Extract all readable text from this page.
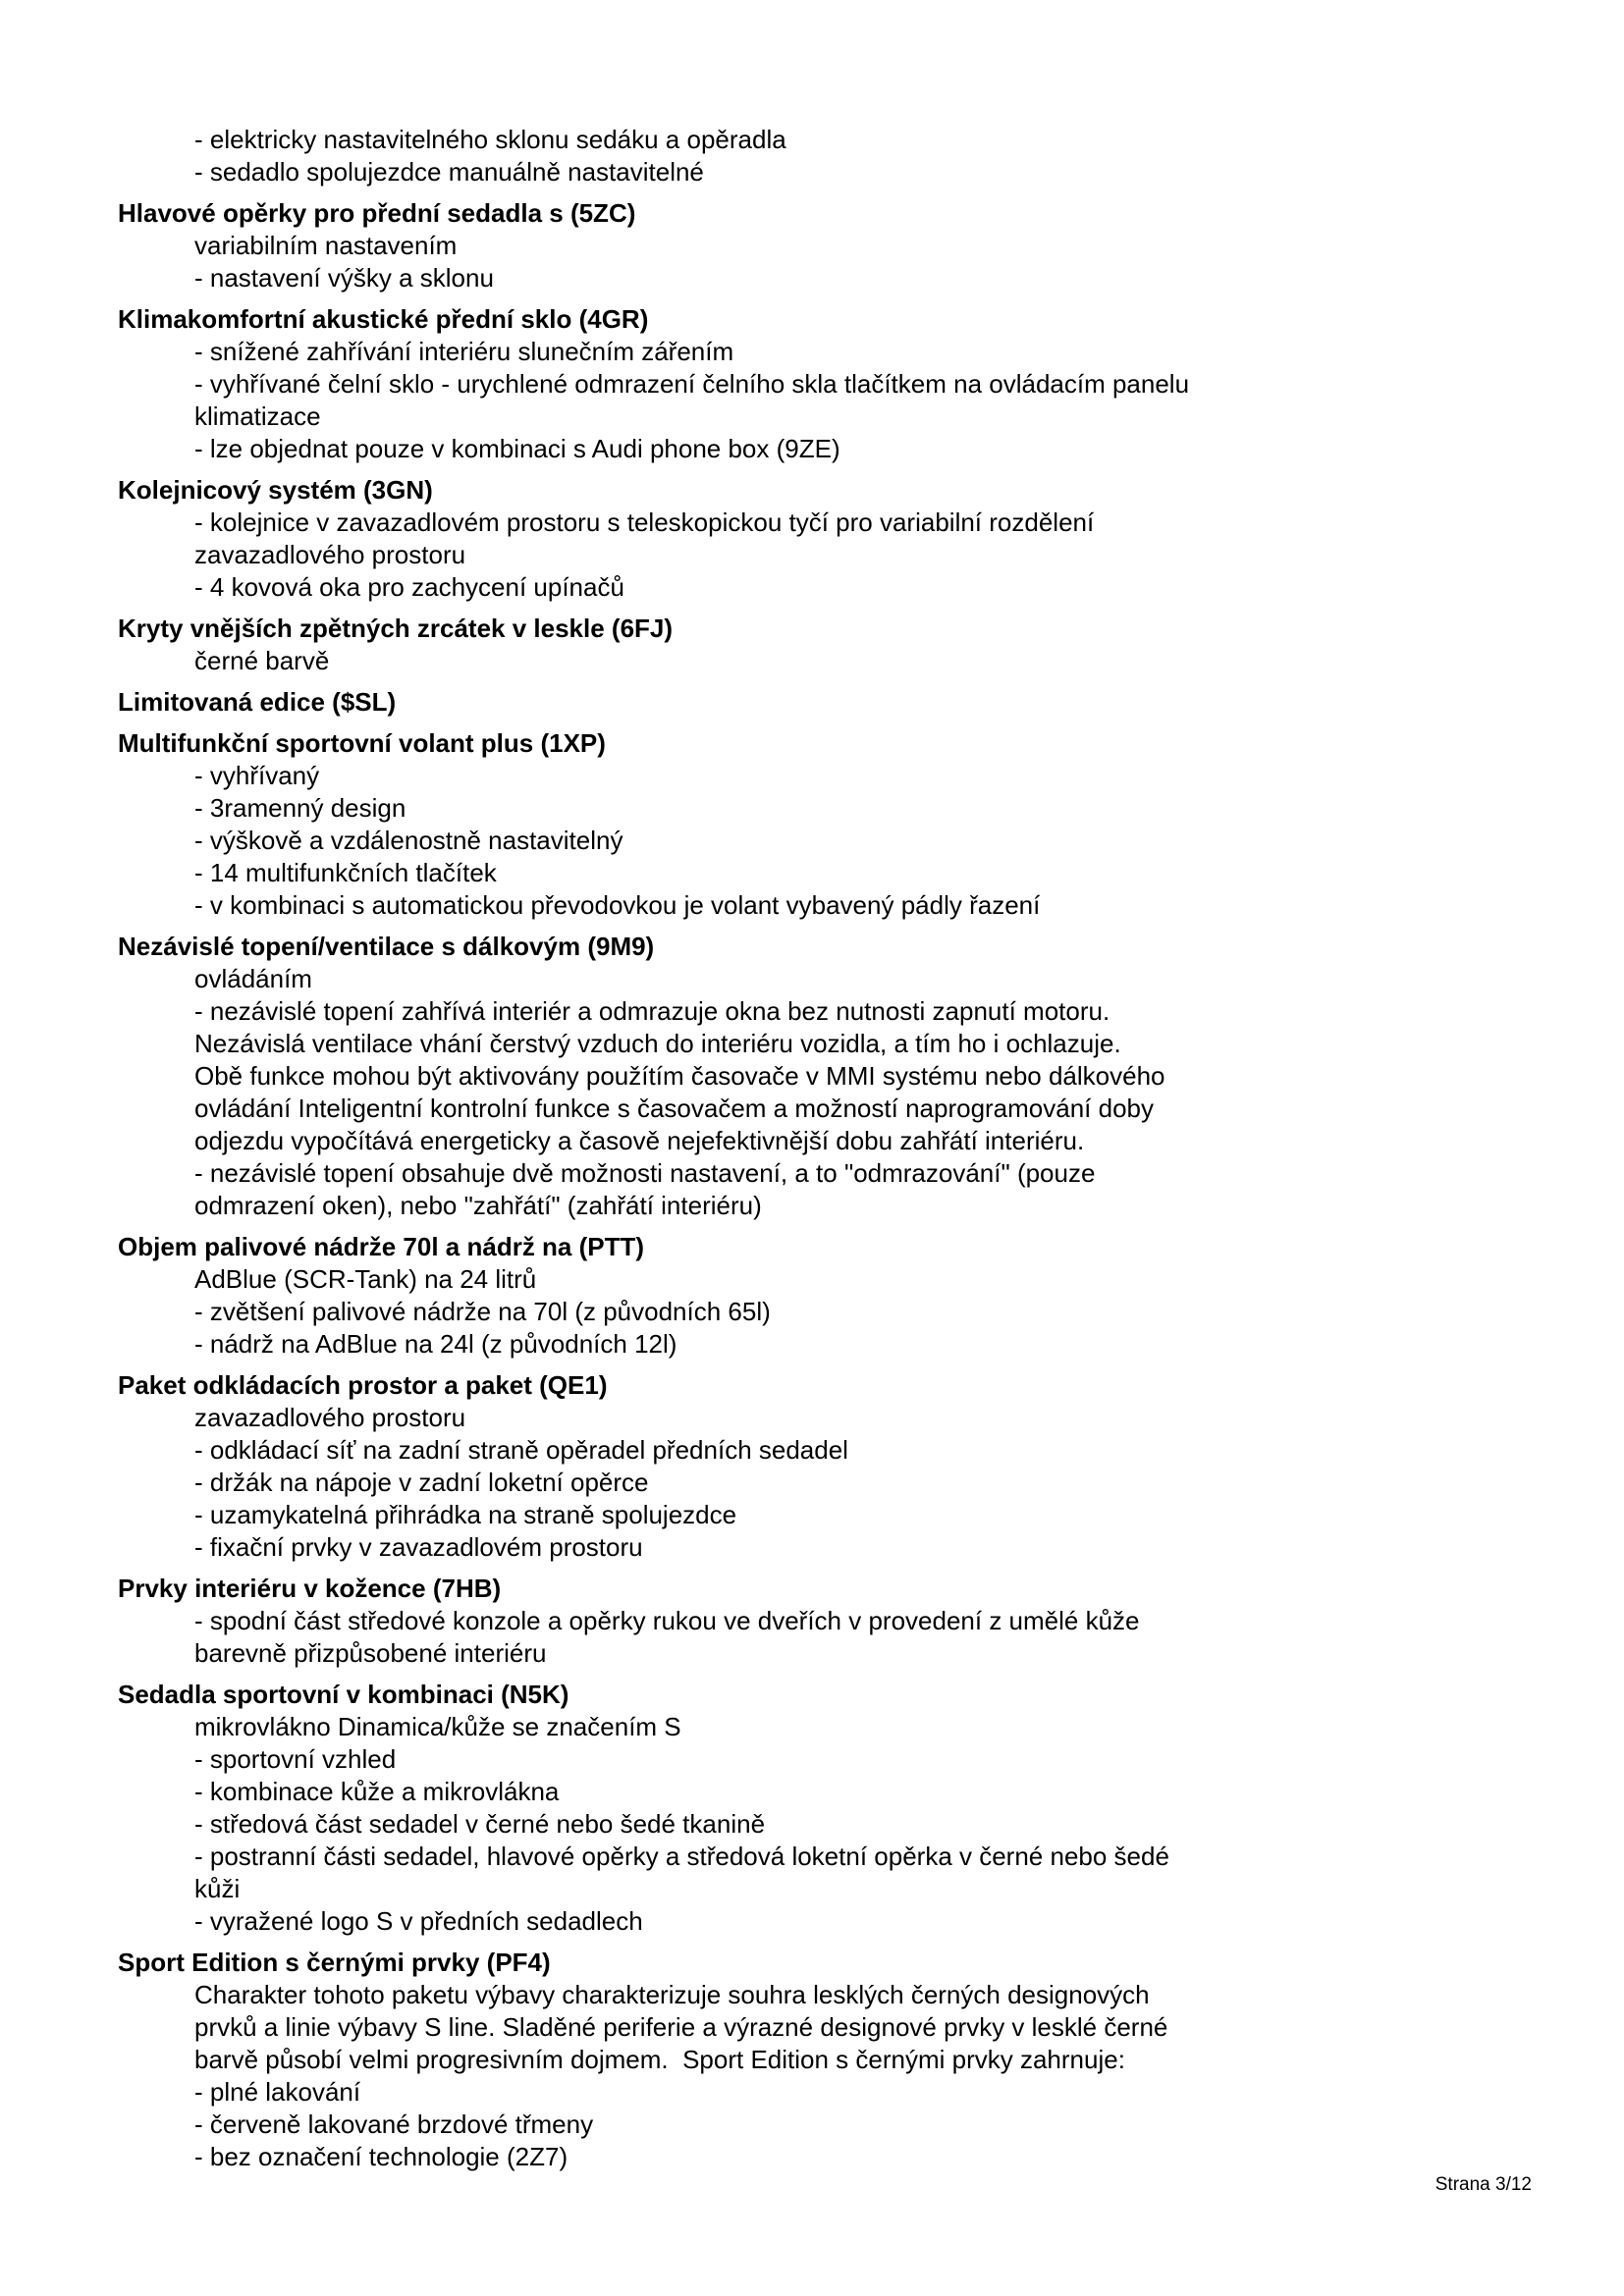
- elektricky nastavitelného sklonu sedáku a opěradla
- sedadlo spolujezdce manuálně nastavitelné
Hlavové opěrky pro přední sedadla s (5ZC)
variabilním nastavením
- nastavení výšky a sklonu
Klimakomfortní akustické přední sklo (4GR)
- snížené zahřívání interiéru slunečním zářením
- vyhřívané čelní sklo - urychlené odmrazení čelního skla tlačítkem na ovládacím panelu
klimatizace
- lze objednat pouze v kombinaci s Audi phone box (9ZE)
Kolejnicový systém (3GN)
- kolejnice v zavazadlovém prostoru s teleskopickou tyčí pro variabilní rozdělení
zavazadlového prostoru
- 4 kovová oka pro zachycení upínačů
Kryty vnějších zpětných zrcátek v leskle (6FJ)
černé barvě
Limitovaná edice ($SL)
Multifunkční sportovní volant plus (1XP)
- vyhřívaný
- 3ramenný design
- výškově a vzdálenostně nastavitelný
- 14 multifunkčních tlačítek
- v kombinaci s automatickou převodovkou je volant vybavený pádly řazení
Nezávislé topení/ventilace s dálkovým (9M9)
ovládáním
- nezávislé topení zahřívá interiér a odmrazuje okna bez nutnosti zapnutí motoru.
Nezávislá ventilace vhání čerstvý vzduch do interiéru vozidla, a tím ho i ochlazuje.
Obě funkce mohou být aktivovány použítím časovače v MMI systému nebo dálkového
ovládání Inteligentní kontrolní funkce s časovačem a možností naprogramování doby
odjezdu vypočítává energeticky a časově nejefektivnější dobu zahřátí interiéru.
- nezávislé topení obsahuje dvě možnosti nastavení, a to "odmrazování" (pouze
odmrazení oken), nebo "zahřátí" (zahřátí interiéru)
Objem palivové nádrže 70l a nádrž na (PTT)
AdBlue (SCR-Tank) na 24 litrů
- zvětšení palivové nádrže na 70l (z původních 65l)
- nádrž na AdBlue na 24l (z původních 12l)
Paket odkládacích prostor a paket (QE1)
zavazadlového prostoru
- odkládací síť na zadní straně opěradel předních sedadel
- držák na nápoje v zadní loketní opěrce
- uzamykatelná přihrádka na straně spolujezdce
- fixační prvky v zavazadlovém prostoru
Prvky interiéru v kožence (7HB)
- spodní část středové konzole a opěrky rukou ve dveřích v provedení z umělé kůže
barevně přizpůsobené interiéru
Sedadla sportovní v kombinaci (N5K)
mikrovlákno Dinamica/kůže se značením S
- sportovní vzhled
- kombinace kůže a mikrovlákna
- středová část sedadel v černé nebo šedé tkanině
- postranní části sedadel, hlavové opěrky a středová loketní opěrka v černé nebo šedé
kůži
- vyražené logo S v předních sedadlech
Sport Edition s černými prvky (PF4)
Charakter tohoto paketu výbavy charakterizuje souhra lesklých černých designových
prvků a linie výbavy S line. Sladěné periferie a výrazné designové prvky v lesklé černé
barvě působí velmi progresivním dojmem.  Sport Edition s černými prvky zahrnuje:
- plné lakování
- červeně lakované brzdové třmeny
- bez označení technologie (2Z7)
Strana 3/12
